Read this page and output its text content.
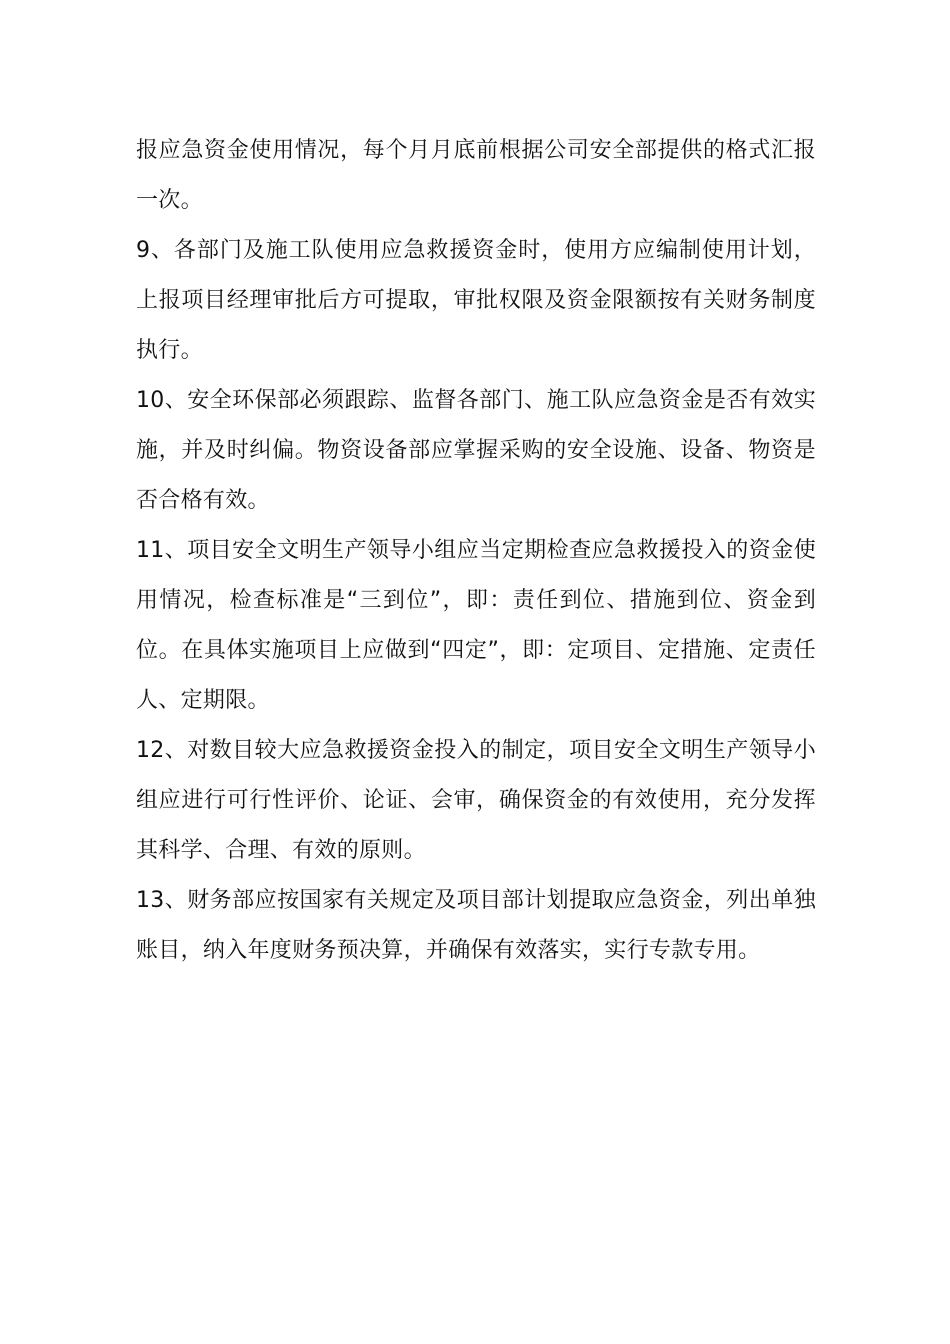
报应急资金使用情况，每个月月底前根据公司安全部提供的格式汇报一次。

9、各部门及施工队使用应急救援资金时，使用方应编制使用计划，上报项目经理审批后方可提取，审批权限及资金限额按有关财务制度执行。

10、安全环保部必须跟踪、监督各部门、施工队应急资金是否有效实施，并及时纠偏。物资设备部应掌握采购的安全设施、设备、物资是否合格有效。

11、项目安全文明生产领导小组应当定期检查应急救援投入的资金使用情况，检查标准是“三到位”，即：责任到位、措施到位、资金到位。在具体实施项目上应做到“四定”，即：定项目、定措施、定责任人、定期限。

12、对数目较大应急救援资金投入的制定，项目安全文明生产领导小组应进行可行性评价、论证、会审，确保资金的有效使用，充分发挥其科学、合理、有效的原则。

13、财务部应按国家有关规定及项目部计划提取应急资金，列出单独账目，纳入年度财务预决算，并确保有效落实，实行专款专用。
